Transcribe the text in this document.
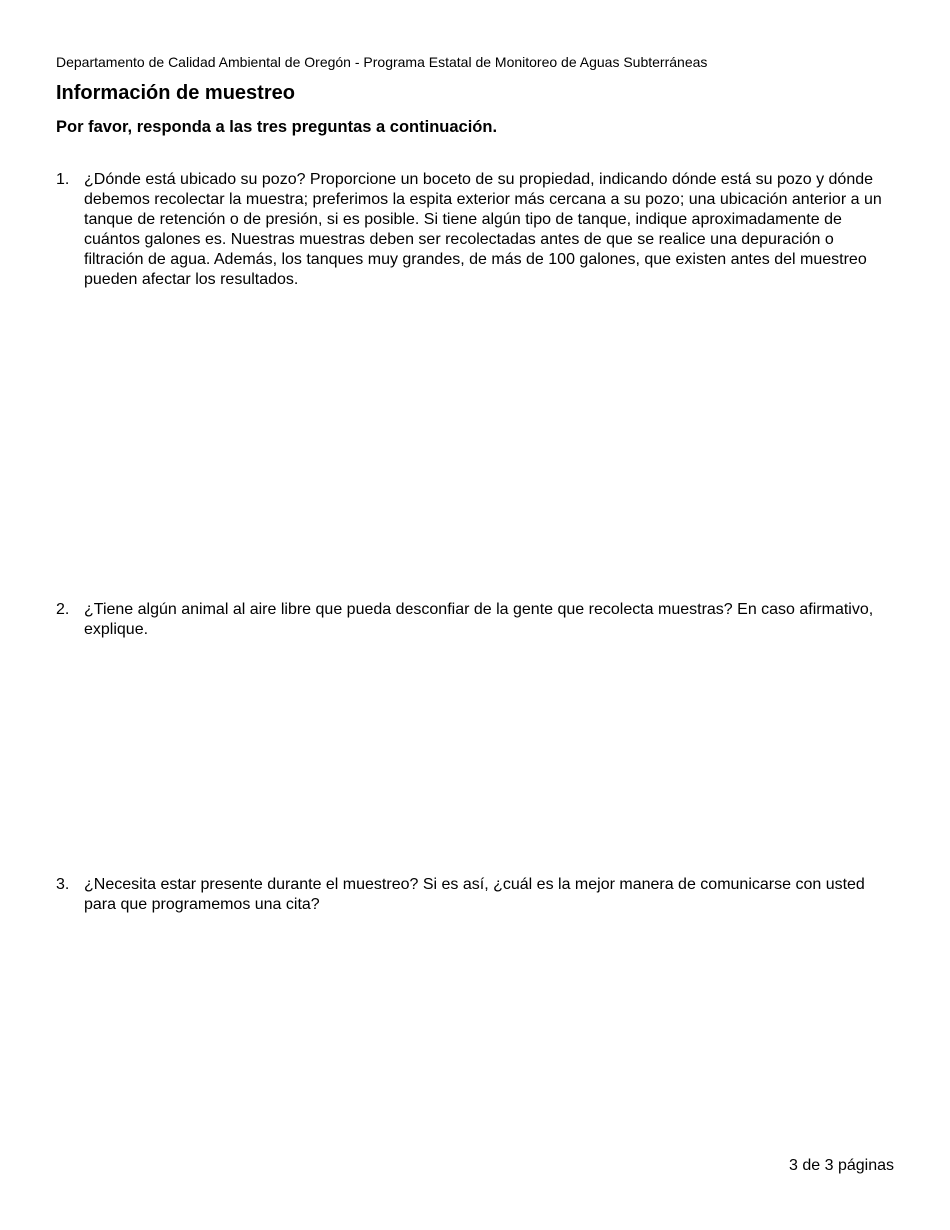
Departamento de Calidad Ambiental de Oregón - Programa Estatal de Monitoreo de Aguas Subterráneas
Información de muestreo

Por favor, responda a las tres preguntas a continuación.

1. ¿Dónde está ubicado su pozo? Proporcione un boceto de su propiedad, indicando dónde está su pozo y dónde debemos recolectar la muestra; preferimos la espita exterior más cercana a su pozo; una ubicación anterior a un tanque de retención o de presión, si es posible. Si tiene algún tipo de tanque, indique aproximadamente de cuántos galones es. Nuestras muestras deben ser recolectadas antes de que se realice una depuración o filtración de agua. Además, los tanques muy grandes, de más de 100 galones, que existen antes del muestreo pueden afectar los resultados.
2. ¿Tiene algún animal al aire libre que pueda desconfiar de la gente que recolecta muestras? En caso afirmativo, explique.
3. ¿Necesita estar presente durante el muestreo? Si es así, ¿cuál es la mejor manera de comunicarse con usted para que programemos una cita?
3 de 3 páginas
